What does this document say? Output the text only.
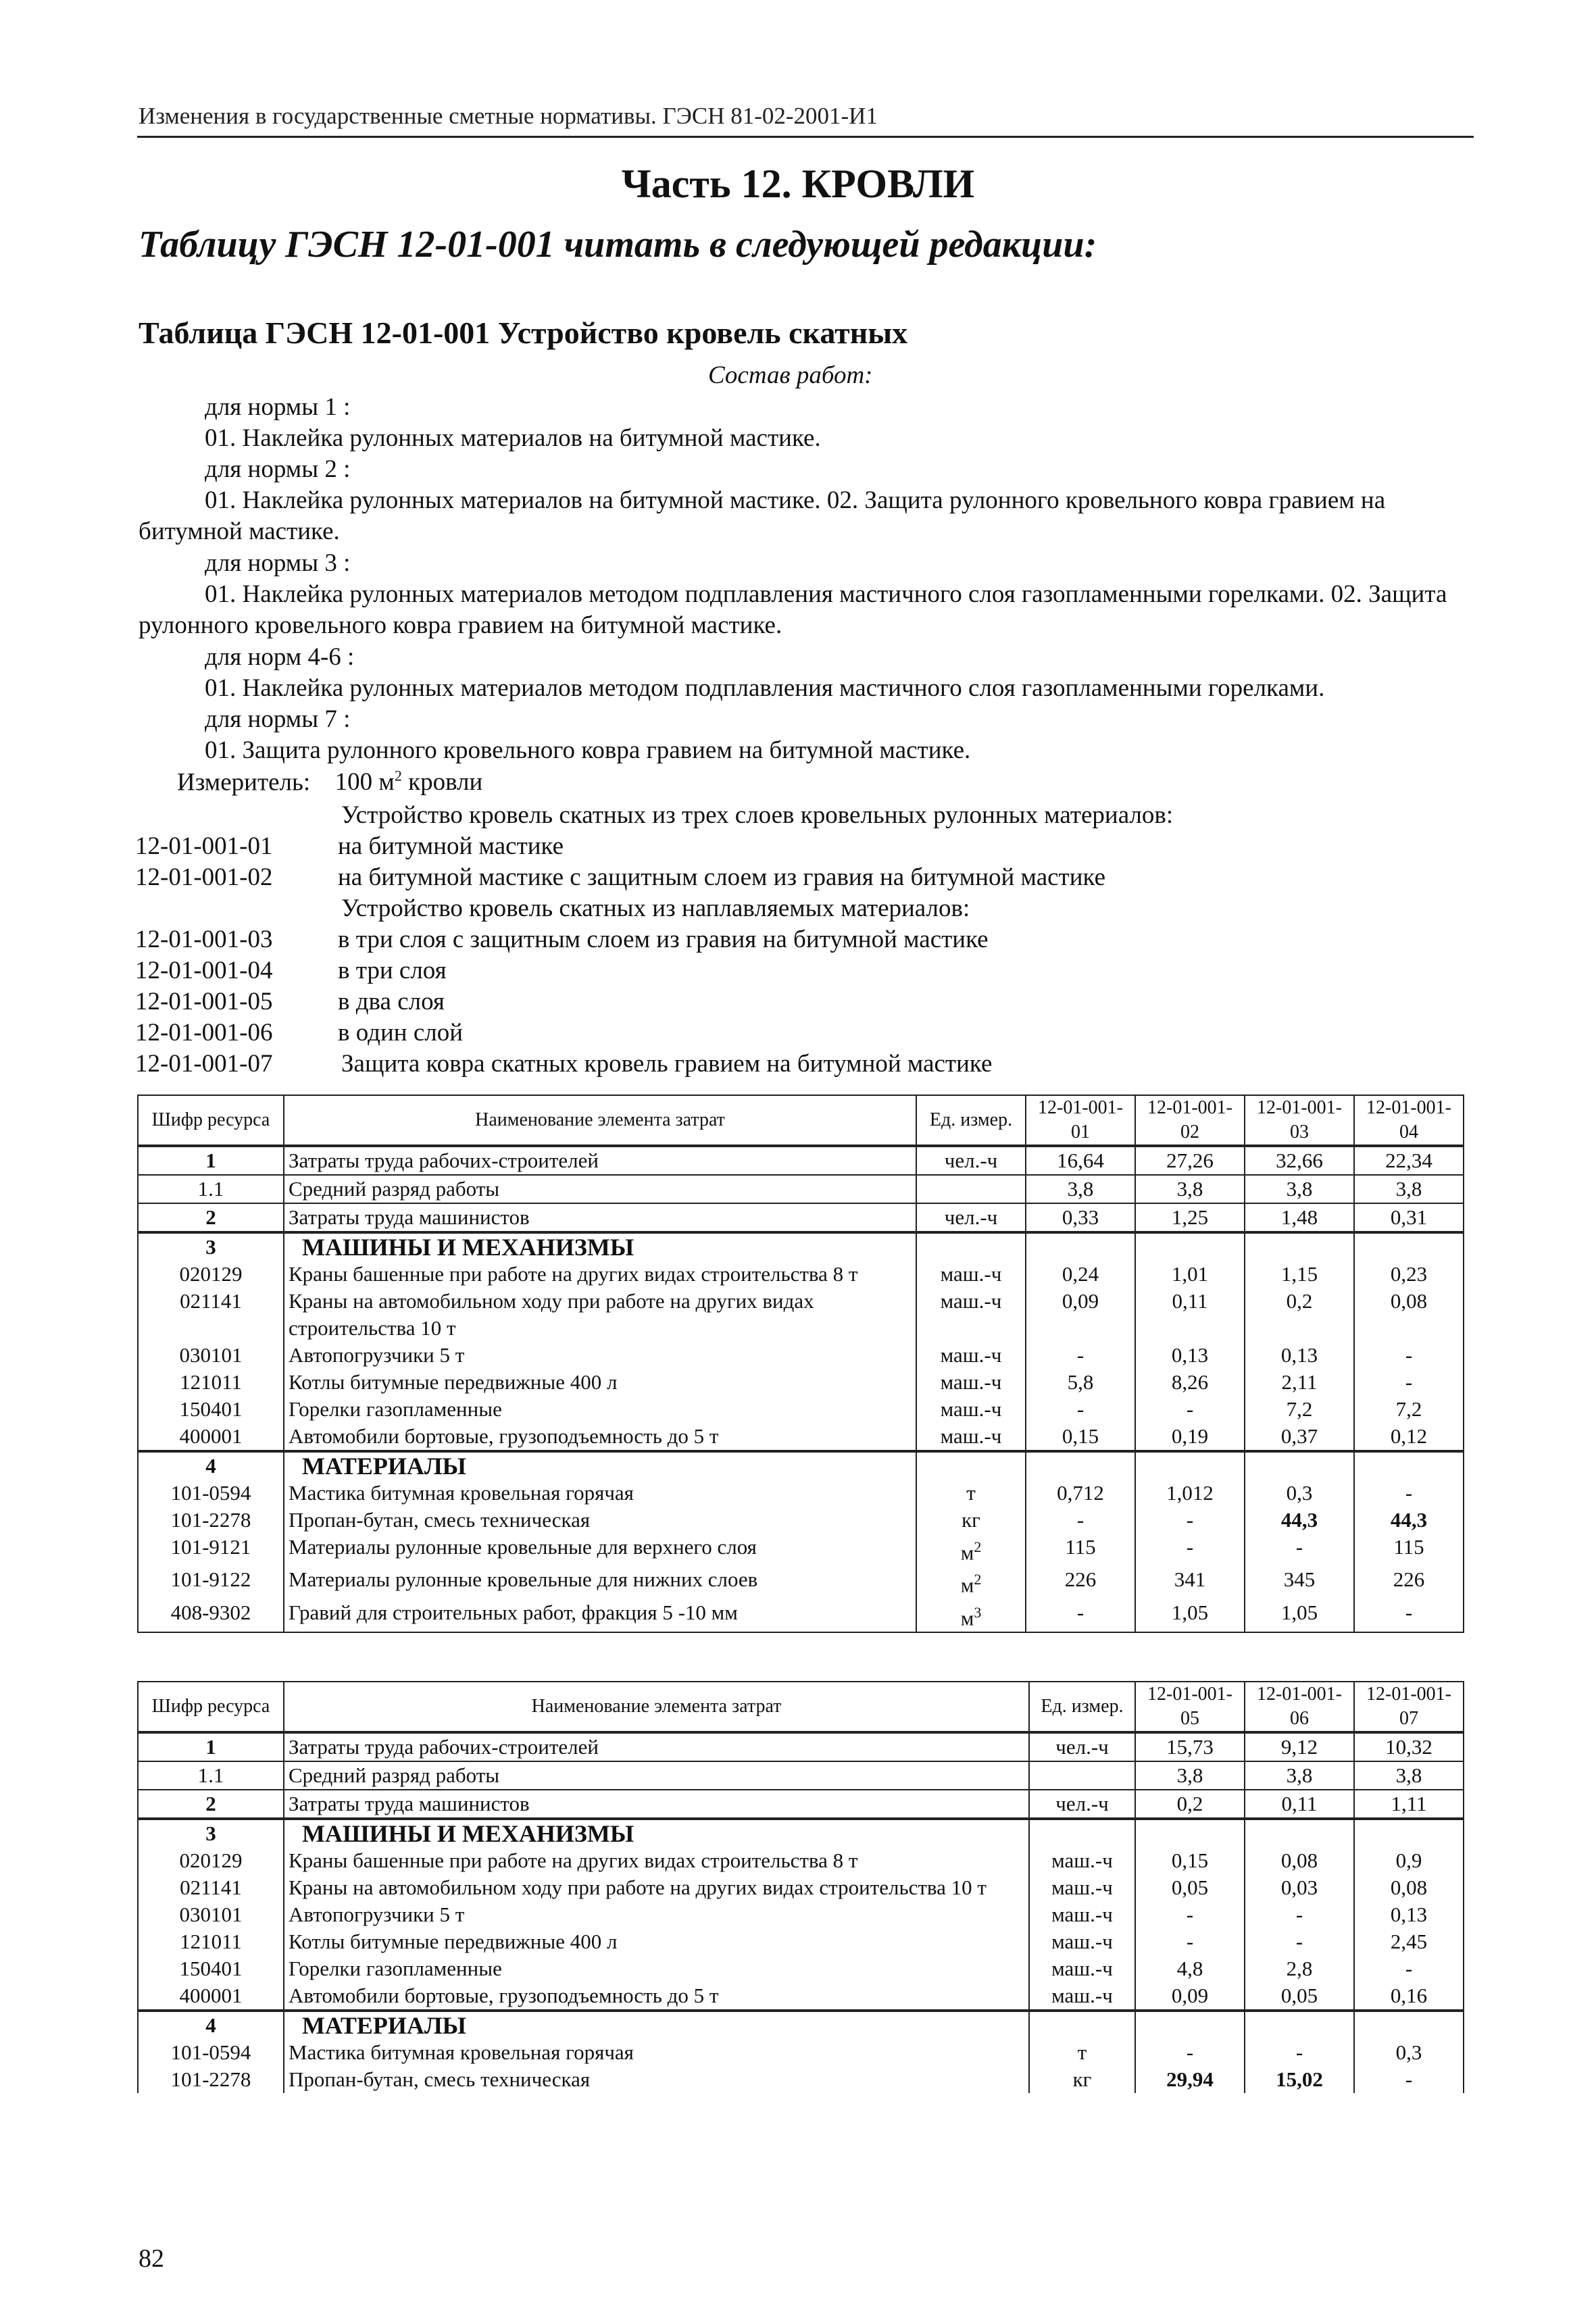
Изменения в государственные сметные нормативы. ГЭСН 81-02-2001-И1
Часть 12. КРОВЛИ
Таблицу ГЭСН 12-01-001 читать в следующей редакции:
Таблица ГЭСН 12-01-001 Устройство кровель скатных
Состав работ:
для нормы 1 :
01. Наклейка рулонных материалов на битумной мастике.
для нормы 2 :
01. Наклейка рулонных материалов на битумной мастике. 02. Защита рулонного кровельного ковра гравием на битумной мастике.
для нормы 3 :
01. Наклейка рулонных материалов методом подплавления мастичного слоя газопламенными горелками. 02. Защита рулонного кровельного ковра гравием на битумной мастике.
для норм 4-6 :
01. Наклейка рулонных материалов методом подплавления мастичного слоя газопламенными горелками.
для нормы 7 :
01. Защита рулонного кровельного ковра гравием на битумной мастике.
Измеритель: 100 $м^2$ кровли
Устройство кровель скатных из трех слоев кровельных рулонных материалов:
12-01-001-01	на битумной мастике
12-01-001-02	на битумной мастике с защитным слоем из гравия на битумной мастике
Устройство кровель скатных из наплавляемых материалов:
12-01-001-03	в три слоя с защитным слоем из гравия на битумной мастике
12-01-001-04	в три слоя
12-01-001-05	в два слоя
12-01-001-06	в один слой
12-01-001-07	Защита ковра скатных кровель гравием на битумной мастике
Шифр ресурса	Наименование элемента затрат	Ед. измер.	12-01-001-01	12-01-001-02	12-01-001-03	12-01-001-04
1	Затраты труда рабочих-строителей	чел.-ч	16,64	27,26	32,66	22,34
1.1	Средний разряд работы		3,8	3,8	3,8	3,8
2	Затраты труда машинистов	чел.-ч	0,33	1,25	1,48	0,31
3	МАШИНЫ И МЕХАНИЗМЫ					
020129	Краны башенные при работе на других видах строительства 8 т	маш.-ч	0,24	1,01	1,15	0,23
021141	Краны на автомобильном ходу при работе на других видах строительства 10 т	маш.-ч	0,09	0,11	0,2	0,08
030101	Автопогрузчики 5 т	маш.-ч	-	0,13	0,13	-
121011	Котлы битумные передвижные 400 л	маш.-ч	5,8	8,26	2,11	-
150401	Горелки газопламенные	маш.-ч	-	-	7,2	7,2
400001	Автомобили бортовые, грузоподъемность до 5 т	маш.-ч	0,15	0,19	0,37	0,12
4	МАТЕРИАЛЫ					
101-0594	Мастика битумная кровельная горячая	т	0,712	1,012	0,3	-
101-2278	Пропан-бутан, смесь техническая	кг	-	-	44,3	44,3
101-9121	Материалы рулонные кровельные для верхнего слоя	$м^2$	115	-	-	115
101-9122	Материалы рулонные кровельные для нижних слоев	$м^2$	226	341	345	226
408-9302	Гравий для строительных работ, фракция 5 -10 мм	$м^3$	-	1,05	1,05	-
Шифр ресурса	Наименование элемента затрат	Ед. измер.	12-01-001-05	12-01-001-06	12-01-001-07
1	Затраты труда рабочих-строителей	чел.-ч	15,73	9,12	10,32
1.1	Средний разряд работы		3,8	3,8	3,8
2	Затраты труда машинистов	чел.-ч	0,2	0,11	1,11
3	МАШИНЫ И МЕХАНИЗМЫ				
020129	Краны башенные при работе на других видах строительства 8 т	маш.-ч	0,15	0,08	0,9
021141	Краны на автомобильном ходу при работе на других видах строительства 10 т	маш.-ч	0,05	0,03	0,08
030101	Автопогрузчики 5 т	маш.-ч	-	-	0,13
121011	Котлы битумные передвижные 400 л	маш.-ч	-	-	2,45
150401	Горелки газопламенные	маш.-ч	4,8	2,8	-
400001	Автомобили бортовые, грузоподъемность до 5 т	маш.-ч	0,09	0,05	0,16
4	МАТЕРИАЛЫ				
101-0594	Мастика битумная кровельная горячая	т	-	-	0,3
101-2278	Пропан-бутан, смесь техническая	кг	29,94	15,02	-
82
